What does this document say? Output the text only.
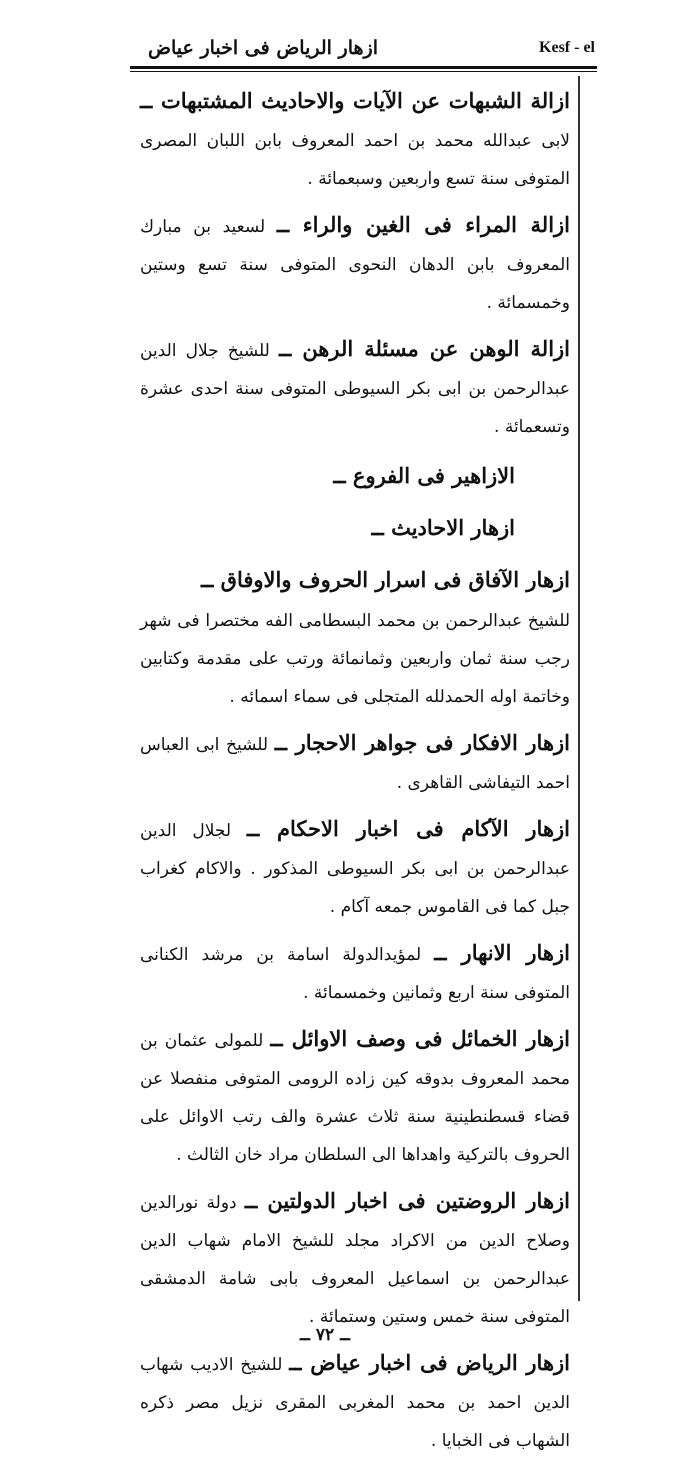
ازهار الرياض فى اخبار عياض	Kesf - el
ازالة الشبهات عن الآيات والاحاديث المشتبهات ــ لابى عبدالله محمد بن احمد المعروف بابن اللبان المصرى المتوفى سنة تسع واربعين وسبعمائة .
ازالة المراء فى الغين والراء ــ لسعيد بن مبارك المعروف بابن الدهان النحوى المتوفى سنة تسع وستين وخمسمائة .
ازالة الوهن عن مسئلة الرهن ــ للشيخ جلال الدين عبدالرحمن بن ابى بكر السيوطى المتوفى سنة احدى عشرة وتسعمائة .
الازاهير فى الفروع ــ
ازهار الاحاديث ــ
ازهار الآفاق فى اسرار الحروف والاوفاق ــ
للشيخ عبدالرحمن بن محمد البسطامى الفه مختصرا فى شهر رجب سنة ثمان واربعين وثمانمائة ورتب على مقدمة وكتابين وخاتمة اوله الحمدلله المتجلى فى سماء اسمائه .
ازهار الافكار فى جواهر الاحجار ــ للشيخ ابى العباس احمد التيفاشى القاهرى .
ازهار الآكام فى اخبار الاحكام ــ لجلال الدين عبدالرحمن بن ابى بكر السيوطى المذكور . والاكام كغراب جبل كما فى القاموس جمعه آكام .
ازهار الانهار ــ لمؤيدالدولة اسامة بن مرشد الكنانى المتوفى سنة اربع وثمانين وخمسمائة .
ازهار الخمائل فى وصف الاوائل ــ للمولى عثمان بن محمد المعروف بدوقه كين زاده الرومى المتوفى منفصلا عن قضاء قسطنطينية سنة ثلاث عشرة والف رتب الاوائل على الحروف بالتركية واهداها الى السلطان مراد خان الثالث .
ازهار الروضتين فى اخبار الدولتين ــ دولة نورالدين وصلاح الدين من الاكراد مجلد للشيخ الامام شهاب الدين عبدالرحمن بن اسماعيل المعروف بابى شامة الدمشقى المتوفى سنة خمس وستين وستمائة .
ازهار الرياض فى اخبار عياض ــ للشيخ الاديب شهاب الدين احمد بن محمد المغربى المقرى نزيل مصر ذكره الشهاب فى الخبايا .
ــ ٧٢ ــ
